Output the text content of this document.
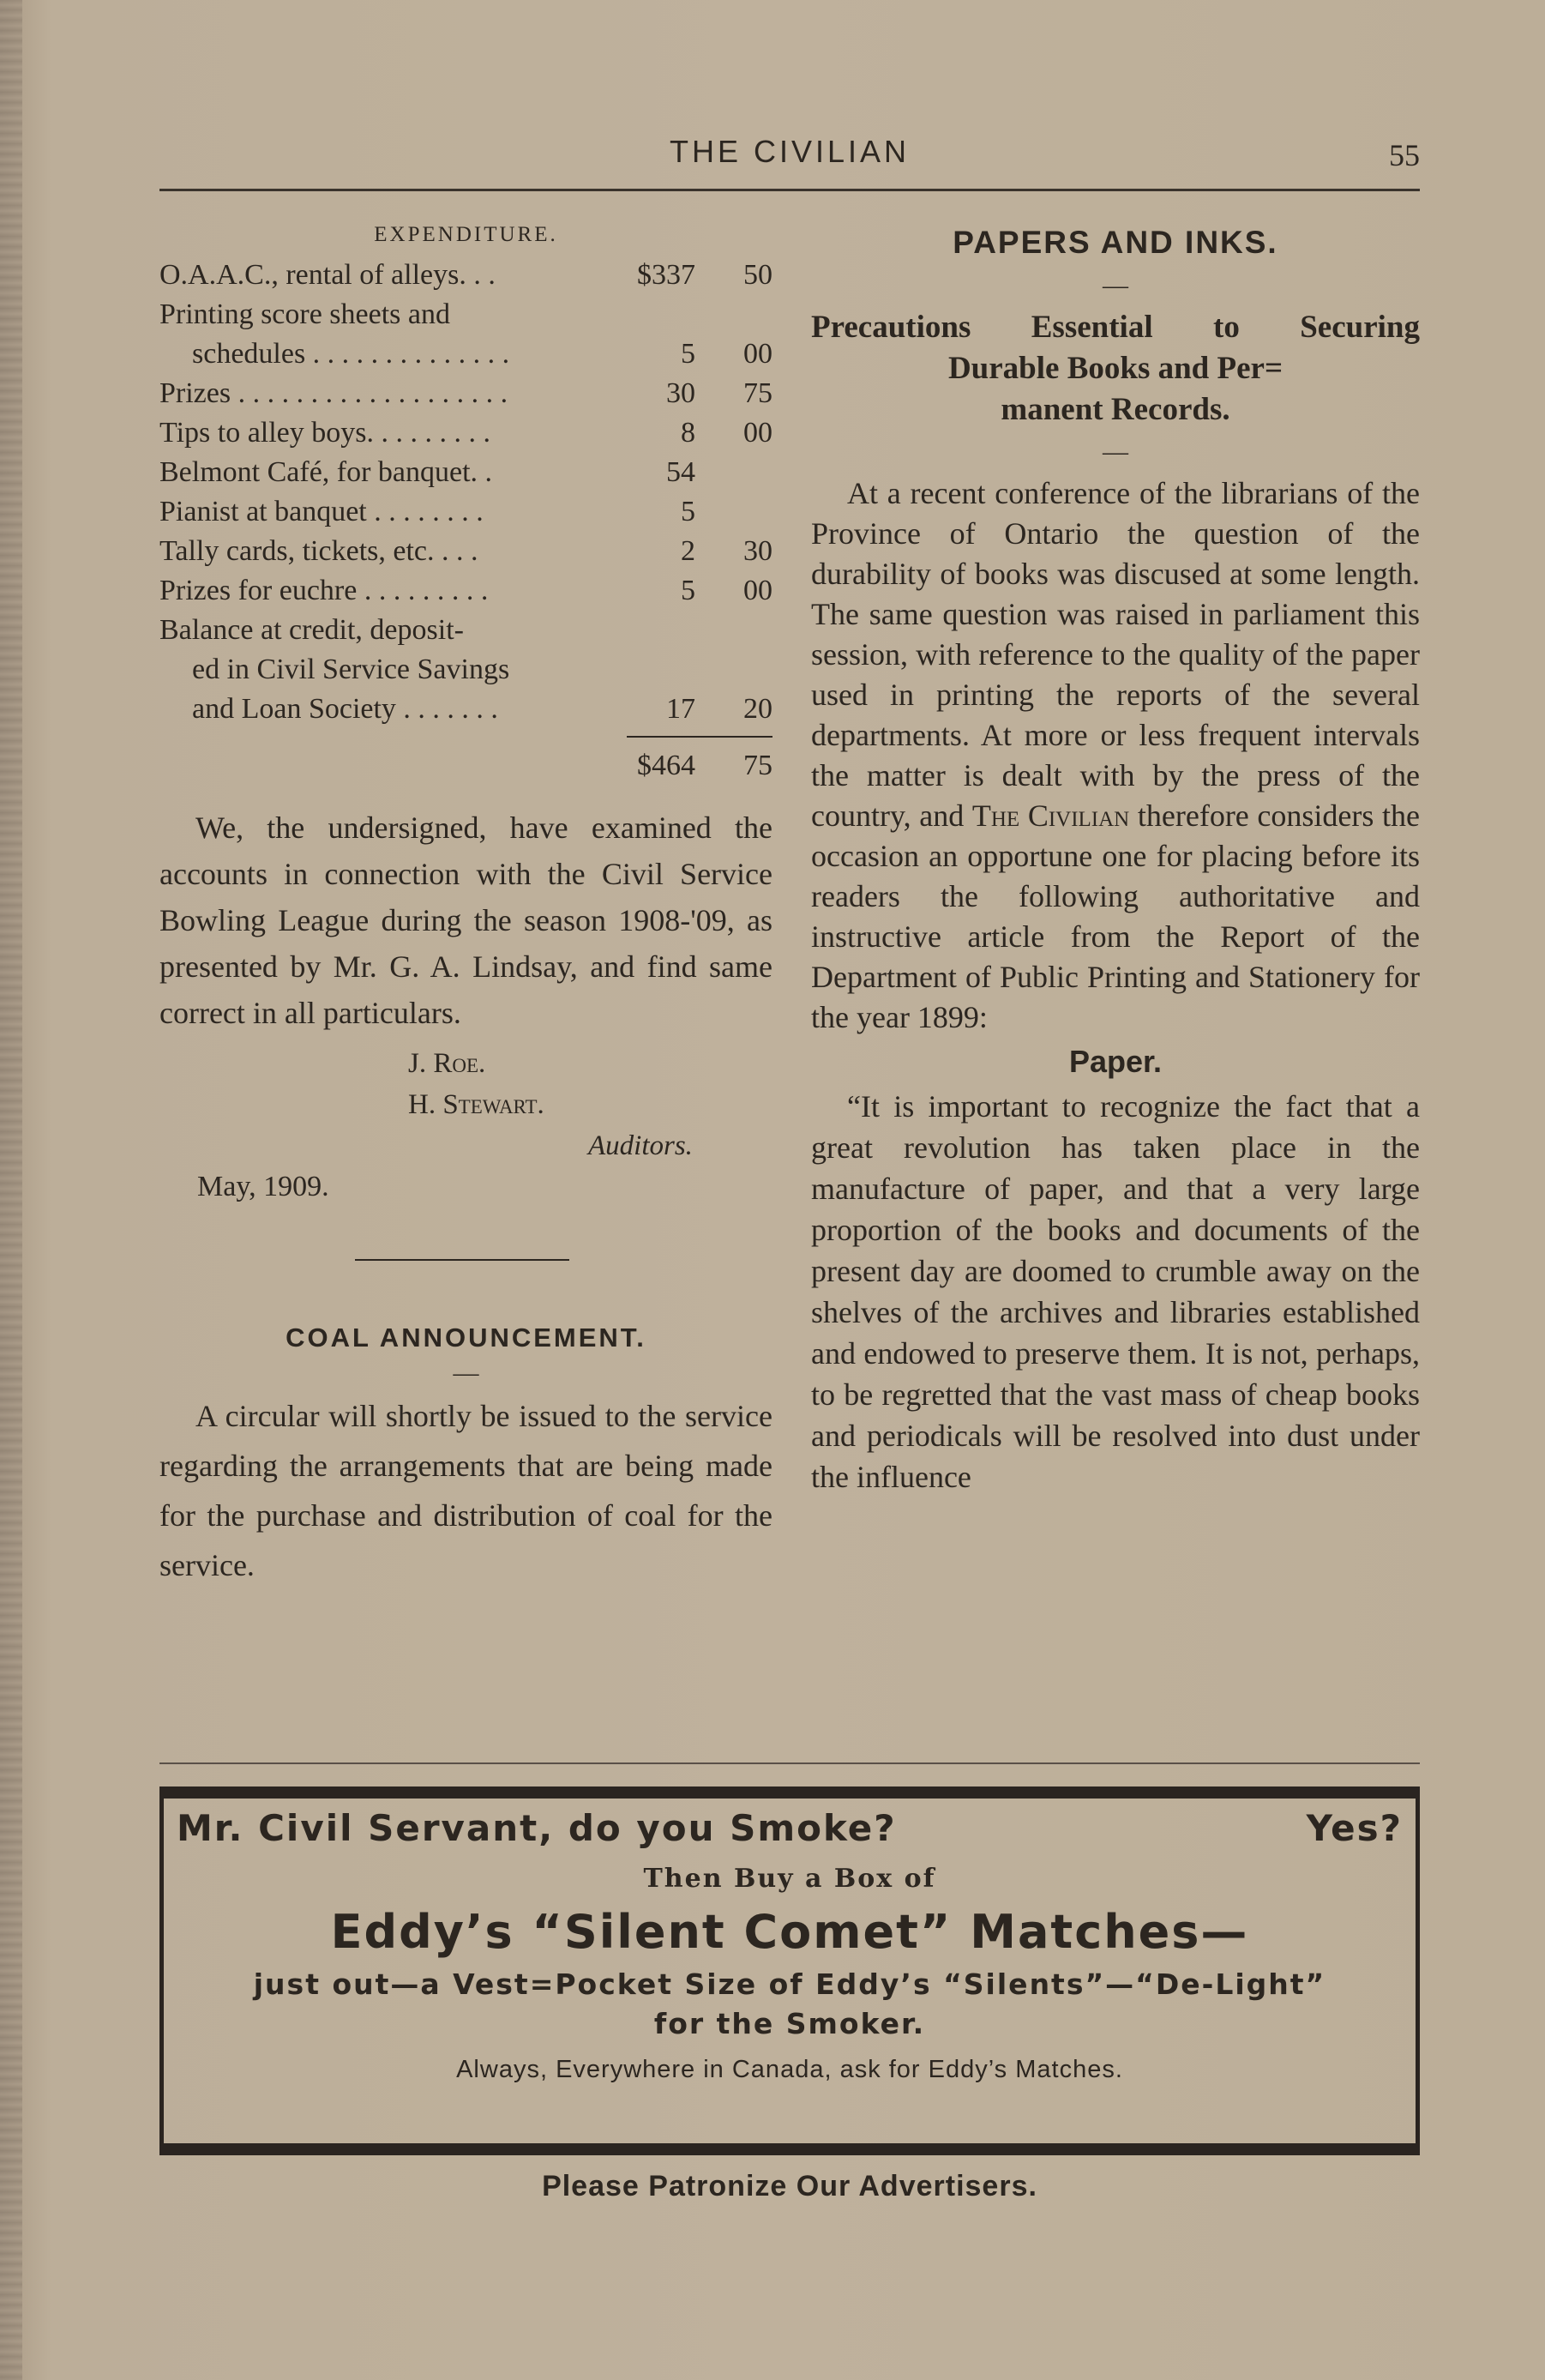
THE CIVILIAN	55
EXPENDITURE.
O.A.A.C., rental of alleys. . .	$337	50
Printing score sheets and
schedules . . . . . . . . . . . . . .	5	00
Prizes . . . . . . . . . . . . . . . . . . .	30	75
Tips to alley boys. . . . . . . . .	8	00
Belmont Café, for banquet. .	54
Pianist at banquet . . . . . . . .	5
Tally cards, tickets, etc. . . .	2	30
Prizes for euchre . . . . . . . . .	5	00
Balance at credit, deposit-
ed in Civil Service Savings
and Loan Society . . . . . . .	17	20
$464	75

We, the undersigned, have examined the accounts in connection with the Civil Service Bowling League during the season 1908-'09, as presented by Mr. G. A. Lindsay, and find same correct in all particulars.

J. Roe.
H. Stewart.
Auditors.
May, 1909.
COAL ANNOUNCEMENT.
—

A circular will shortly be issued to the service regarding the arrangements that are being made for the purchase and distribution of coal for the service.

PAPERS AND INKS.
—
Precautions Essential to Securing
Durable Books and Per=
manent Records.
—

At a recent conference of the librarians of the Province of Ontario the question of the durability of books was discused at some length. The same question was raised in parliament this session, with reference to the quality of the paper used in printing the reports of the several departments. At more or less frequent intervals the matter is dealt with by the press of the country, and The Civilian therefore considers the occasion an opportune one for placing before its readers the following authoritative and instructive article from the Report of the Department of Public Printing and Stationery for the year 1899:

Paper.

“It is important to recognize the fact that a great revolution has taken place in the manufacture of paper, and that a very large proportion of the books and documents of the present day are doomed to crumble away on the shelves of the archives and libraries established and endowed to preserve them. It is not, perhaps, to be regretted that the vast mass of cheap books and periodicals will be resolved into dust under the influence

Mr. Civil Servant, do you Smoke?	Yes?
Then Buy a Box of
Eddy’s “Silent Comet” Matches—
just out—a Vest=Pocket Size of Eddy’s “Silents”—“De-Light”
for the Smoker.
Always, Everywhere in Canada, ask for Eddy’s Matches.
Please Patronize Our Advertisers.
